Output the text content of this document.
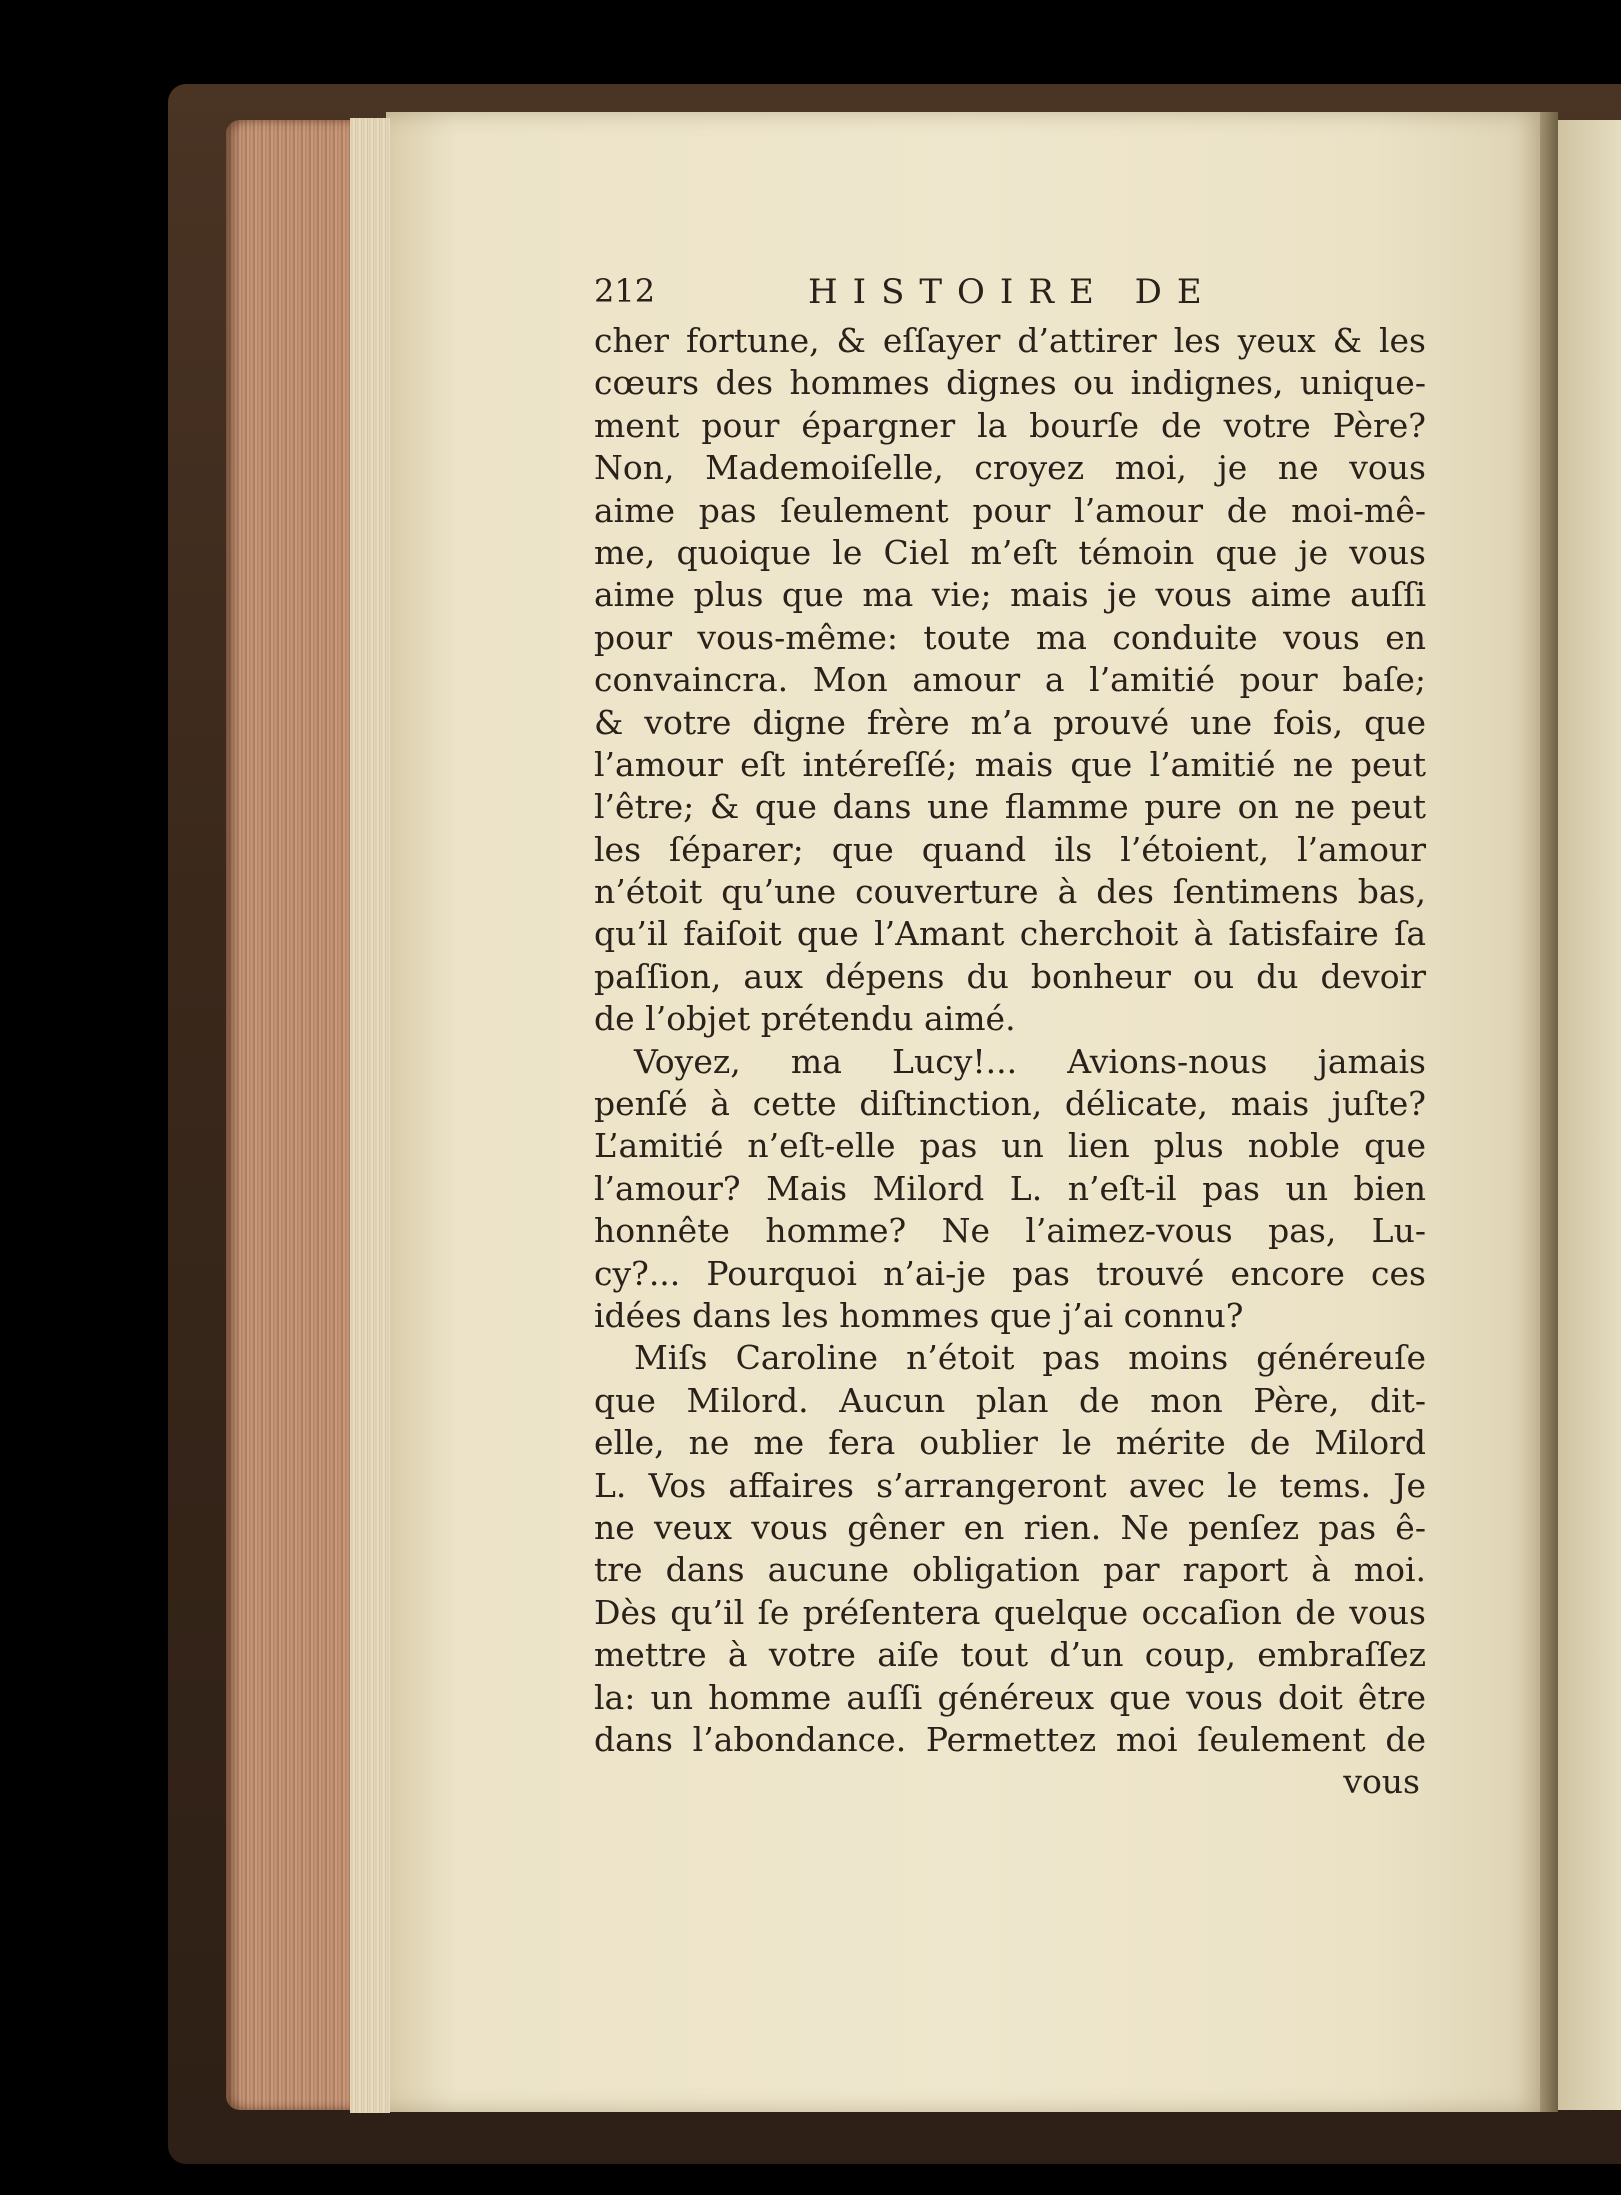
212	HISTOIRE DE
cher fortune, & eſſayer d’attirer les yeux & les
cœurs des hommes dignes ou indignes, unique-
ment pour épargner la bourſe de votre Père?
Non, Mademoiſelle, croyez moi, je ne vous
aime pas ſeulement pour l’amour de moi-mê-
me, quoique le Ciel m’eſt témoin que je vous
aime plus que ma vie; mais je vous aime auſſi
pour vous-même: toute ma conduite vous en
convaincra. Mon amour a l’amitié pour baſe;
& votre digne frère m’a prouvé une fois, que
l’amour eſt intéreſſé; mais que l’amitié ne peut
l’être; & que dans une flamme pure on ne peut
les ſéparer; que quand ils l’étoient, l’amour
n’étoit qu’une couverture à des ſentimens bas,
qu’il faiſoit que l’Amant cherchoit à ſatisfaire ſa
paſſion, aux dépens du bonheur ou du devoir
de l’objet prétendu aimé.
Voyez, ma Lucy!... Avions-nous jamais
penſé à cette diſtinction, délicate, mais juſte?
L’amitié n’eſt-elle pas un lien plus noble que
l’amour? Mais Milord L. n’eſt-il pas un bien
honnête homme? Ne l’aimez-vous pas, Lu-
cy?... Pourquoi n’ai-je pas trouvé encore ces
idées dans les hommes que j’ai connu?
Miſs Caroline n’étoit pas moins généreuſe
que Milord. Aucun plan de mon Père, dit-
elle, ne me fera oublier le mérite de Milord
L. Vos affaires s’arrangeront avec le tems. Je
ne veux vous gêner en rien. Ne penſez pas ê-
tre dans aucune obligation par raport à moi.
Dès qu’il ſe préſentera quelque occaſion de vous
mettre à votre aiſe tout d’un coup, embraſſez
la: un homme auſſi généreux que vous doit être
dans l’abondance. Permettez moi ſeulement de
vous
